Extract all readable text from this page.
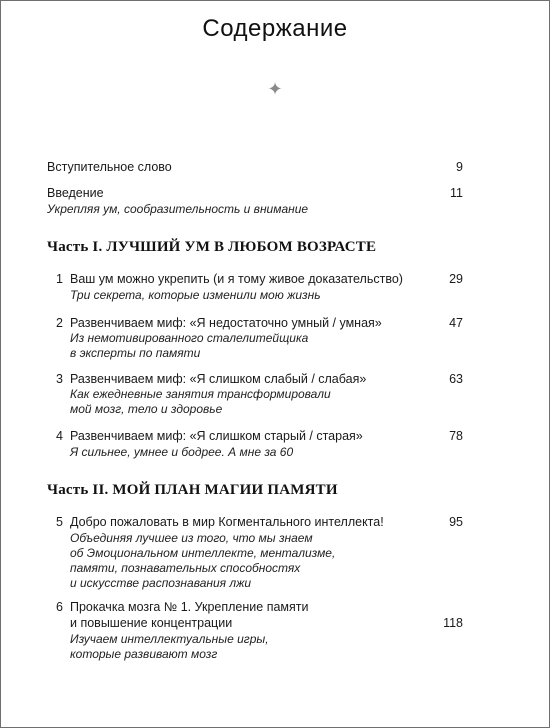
Содержание
✦
Вступительное слово	9
Введение	11
Укрепляя ум, сообразительность и внимание
Часть I. ЛУЧШИЙ УМ В ЛЮБОМ ВОЗРАСТЕ
1 Ваш ум можно укрепить (и я тому живое доказательство)	29
Три секрета, которые изменили мою жизнь
2 Развенчиваем миф: «Я недостаточно умный / умная»	47
Из немотивированного сталелитейщика
в эксперты по памяти
3 Развенчиваем миф: «Я слишком слабый / слабая»	63
Как ежедневные занятия трансформировали
мой мозг, тело и здоровье
4 Развенчиваем миф: «Я слишком старый / старая»	78
Я сильнее, умнее и бодрее. А мне за 60
Часть II. МОЙ ПЛАН МАГИИ ПАМЯТИ
5 Добро пожаловать в мир Когментального интеллекта!	95
Объединяя лучшее из того, что мы знаем
об Эмоциональном интеллекте, ментализме,
памяти, познавательных способностях
и искусстве распознавания лжи
6 Прокачка мозга № 1. Укрепление памяти
и повышение концентрации	118
Изучаем интеллектуальные игры,
которые развивают мозг
